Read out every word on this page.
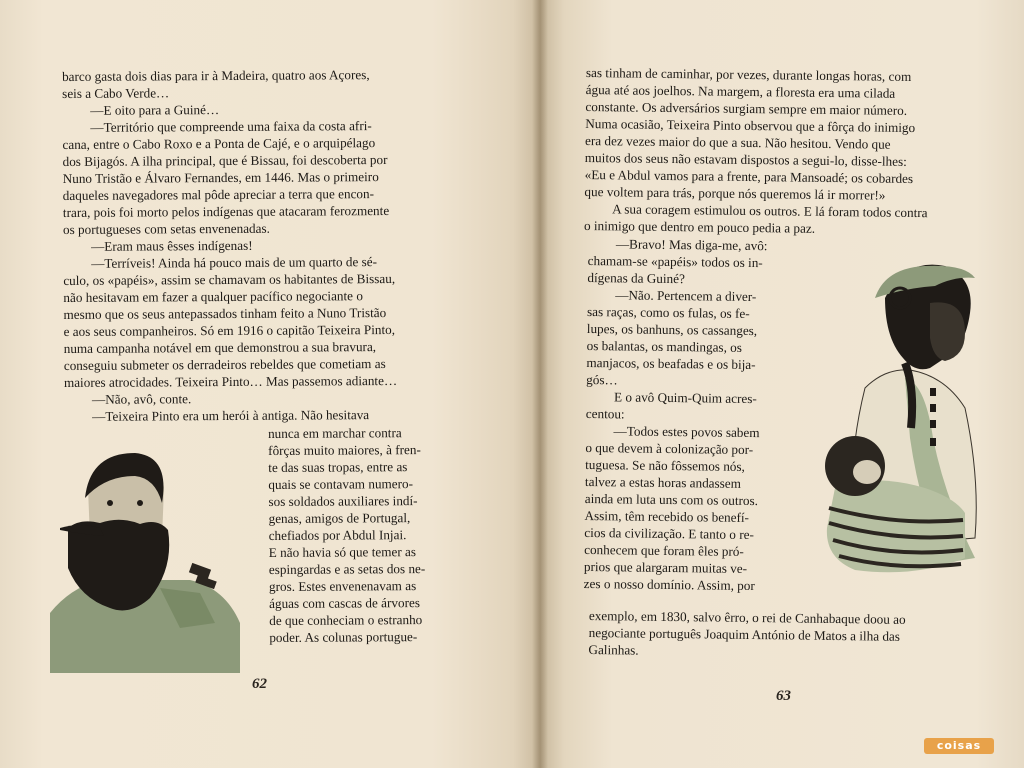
barco gasta dois dias para ir à Madeira, quatro aos Açores,
seis a Cabo Verde…
—E oito para a Guiné…
—Território que compreende uma faixa da costa afri-
cana, entre o Cabo Roxo e a Ponta de Cajé, e o arquipélago
dos Bijagós. A ilha principal, que é Bissau, foi descoberta por
Nuno Tristão e Álvaro Fernandes, em 1446. Mas o primeiro
daqueles navegadores mal pôde apreciar a terra que encon-
trara, pois foi morto pelos indígenas que atacaram ferozmente
os portugueses com setas envenenadas.
—Eram maus êsses indígenas!
—Terríveis! Ainda há pouco mais de um quarto de sé-
culo, os «papéis», assim se chamavam os habitantes de Bissau,
não hesitavam em fazer a qualquer pacífico negociante o
mesmo que os seus antepassados tinham feito a Nuno Tristão
e aos seus companheiros. Só em 1916 o capitão Teixeira Pinto,
numa campanha notável em que demonstrou a sua bravura,
conseguiu submeter os derradeiros rebeldes que cometiam as
maiores atrocidades. Teixeira Pinto… Mas passemos adiante…
—Não, avô, conte.
—Teixeira Pinto era um herói à antiga. Não hesitava
nunca em marchar contra
fôrças muito maiores, à fren-
te das suas tropas, entre as
quais se contavam numero-
sos soldados auxiliares indí-
genas, amigos de Portugal,
chefiados por Abdul Injai.
E não havia só que temer as
espingardas e as setas dos ne-
gros. Estes envenenavam as
águas com cascas de árvores
de que conheciam o estranho
poder. As colunas portugue-
sas tinham de caminhar, por vezes, durante longas horas, com
água até aos joelhos. Na margem, a floresta era uma cilada
constante. Os adversários surgiam sempre em maior número.
Numa ocasião, Teixeira Pinto observou que a fôrça do inimigo
era dez vezes maior do que a sua. Não hesitou. Vendo que
muitos dos seus não estavam dispostos a segui-lo, disse-lhes:
«Eu e Abdul vamos para a frente, para Mansoadé; os cobardes
que voltem para trás, porque nós queremos lá ir morrer!»
A sua coragem estimulou os outros. E lá foram todos contra
o inimigo que dentro em pouco pedia a paz.
—Bravo! Mas diga-me, avô:
chamam-se «papéis» todos os in-
dígenas da Guiné?
—Não. Pertencem a diver-
sas raças, como os fulas, os fe-
lupes, os banhuns, os cassanges,
os balantas, os mandingas, os
manjacos, os beafadas e os bija-
gós…
E o avô Quim-Quim acres-
centou:
—Todos estes povos sabem
o que devem à colonização por-
tuguesa. Se não fôssemos nós,
talvez a estas horas andassem
ainda em luta uns com os outros.
Assim, têm recebido os benefí-
cios da civilização. E tanto o re-
conhecem que foram êles pró-
prios que alargaram muitas ve-
zes o nosso domínio. Assim, por
exemplo, em 1830, salvo êrro, o rei de Canhabaque doou ao
negociante português Joaquim António de Matos a ilha das
Galinhas.
62
63
coisas
